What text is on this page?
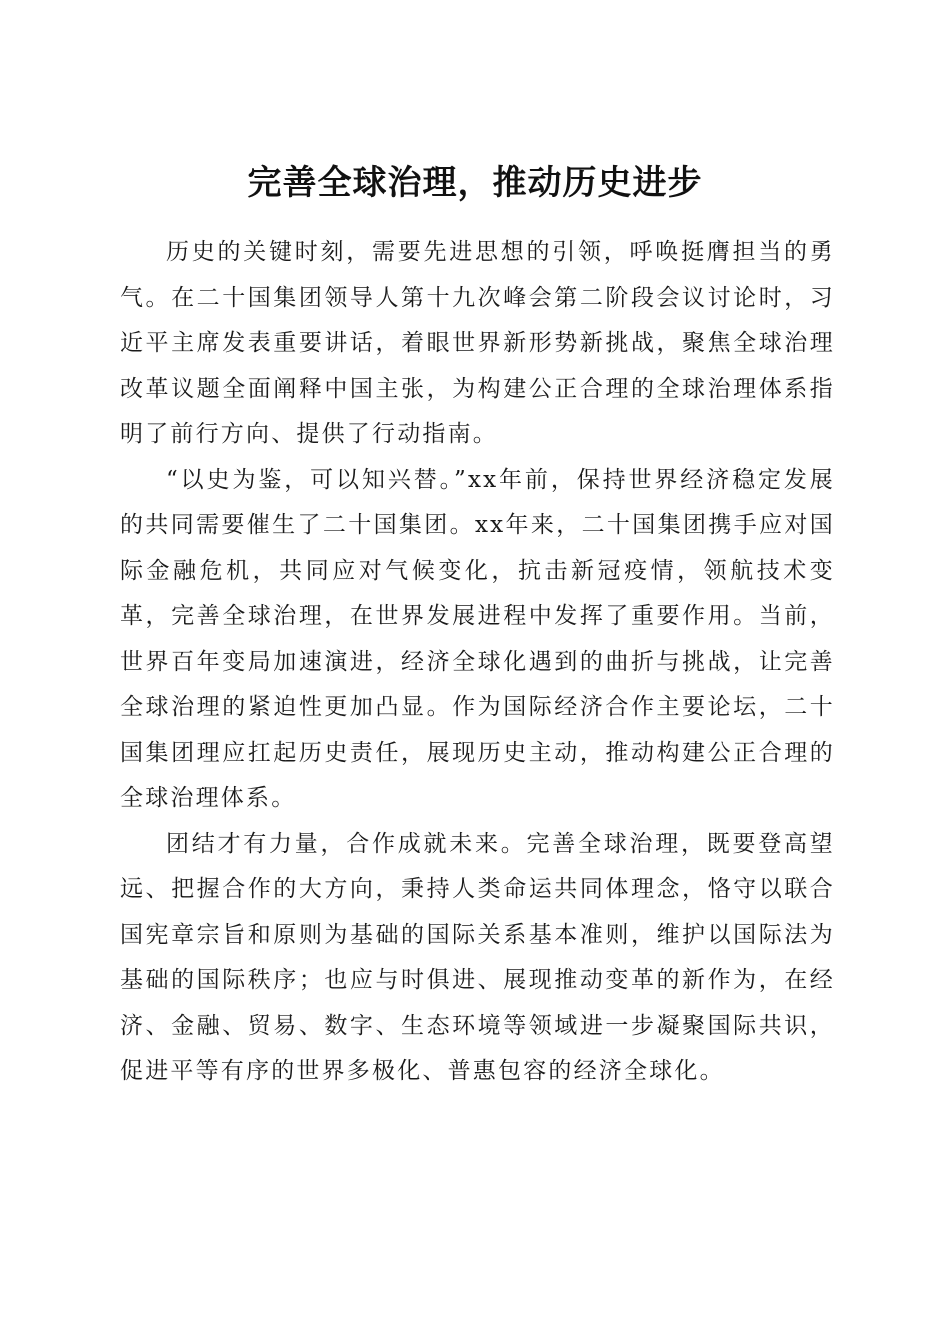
完善全球治理，推动历史进步

历史的关键时刻，需要先进思想的引领，呼唤挺膺担当的勇气。在二十国集团领导人第十九次峰会第二阶段会议讨论时，习近平主席发表重要讲话，着眼世界新形势新挑战，聚焦全球治理改革议题全面阐释中国主张，为构建公正合理的全球治理体系指明了前行方向、提供了行动指南。

“以史为鉴，可以知兴替。”xx年前，保持世界经济稳定发展的共同需要催生了二十国集团。xx年来，二十国集团携手应对国际金融危机，共同应对气候变化，抗击新冠疫情，领航技术变革，完善全球治理，在世界发展进程中发挥了重要作用。当前，世界百年变局加速演进，经济全球化遇到的曲折与挑战，让完善全球治理的紧迫性更加凸显。作为国际经济合作主要论坛，二十国集团理应扛起历史责任，展现历史主动，推动构建公正合理的全球治理体系。

团结才有力量，合作成就未来。完善全球治理，既要登高望远、把握合作的大方向，秉持人类命运共同体理念，恪守以联合国宪章宗旨和原则为基础的国际关系基本准则，维护以国际法为基础的国际秩序；也应与时俱进、展现推动变革的新作为，在经济、金融、贸易、数字、生态环境等领域进一步凝聚国际共识，促进平等有序的世界多极化、普惠包容的经济全球化。
